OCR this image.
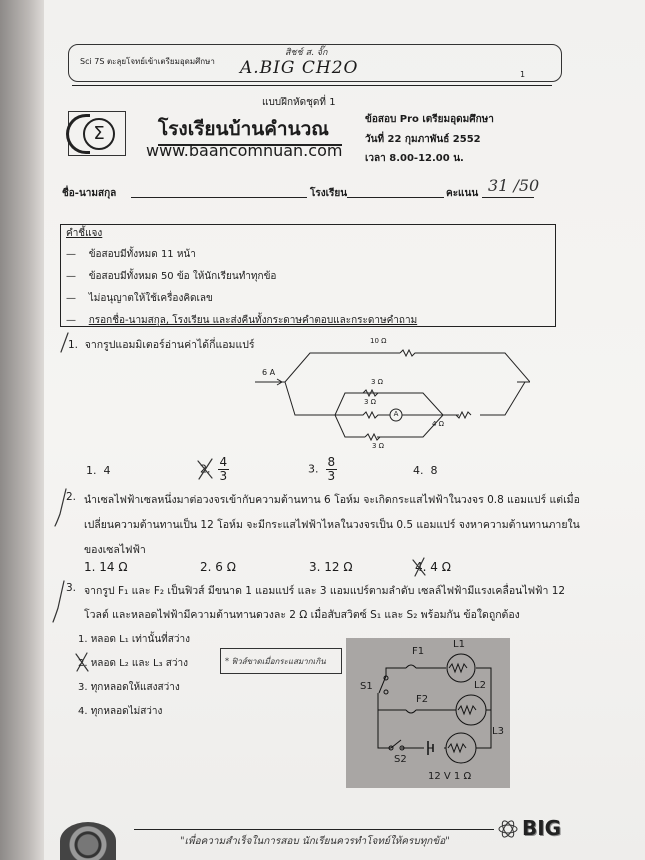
Sci 7S ตะลุยโจทย์เข้าเตรียมอุดมศึกษา
สิชช์ ส. จั๊ก
A.BIG CH2O	1
แบบฝึกหัดชุดที่ 1
Σ	โรงเรียนบ้านคำนวณ
www.baancomnuan.com
ข้อสอบ Pro เตรียมอุดมศึกษา
วันที่ 22 กุมภาพันธ์ 2552
เวลา 8.00-12.00 น.
ชื่อ-นามสกุล	โรงเรียน	คะแนน 31 /50
คำชี้แจง
—    ข้อสอบมีทั้งหมด 11 หน้า
—    ข้อสอบมีทั้งหมด 50 ข้อ ให้นักเรียนทำทุกข้อ
—    ไม่อนุญาตให้ใช้เครื่องคิดเลข
—    กรอกชื่อ-นามสกุล, โรงเรียน และส่งคืนทั้งกระดาษคำตอบและกระดาษคำถาม
1. จากรูปแอมมิเตอร์อ่านค่าได้กี่แอมแปร์
A
6 A
10 Ω
3 Ω
3 Ω
3 Ω
4 Ω
1. 4	2. $\frac{4}{3}$	3. $\frac{8}{3}$	4. 8
2. นำเซลไฟฟ้าเซลหนึ่งมาต่อวงจรเข้ากับความต้านทาน 6 โอห์ม จะเกิดกระแสไฟฟ้าในวงจร 0.8 แอมแปร์ แต่เมื่อ
เปลี่ยนความต้านทานเป็น 12 โอห์ม จะมีกระแสไฟฟ้าไหลในวงจรเป็น 0.5 แอมแปร์ จงหาความต้านทานภายใน
ของเซลไฟฟ้า
1. 14 Ω	2. 6 Ω	3. 12 Ω	4. 4 Ω
3. จากรูป F₁ และ F₂ เป็นฟิวส์ มีขนาด 1 แอมแปร์ และ 3 แอมแปร์ตามลำดับ เซลล์ไฟฟ้ามีแรงเคลื่อนไฟฟ้า 12
โวลต์ และหลอดไฟฟ้ามีความต้านทานดวงละ 2 Ω เมื่อสับสวิตซ์ S₁ และ S₂ พร้อมกัน ข้อใดถูกต้อง
1. หลอด L₁ เท่านั้นที่สว่าง
2. หลอด L₂ และ L₃ สว่าง
3. ทุกหลอดให้แสงสว่าง
4. ทุกหลอดไม่สว่าง
* ฟิวส์ขาดเมื่อกระแสมากเกิน
F1
F2
L1
L2
L3
S1
S2
12 V 1 Ω
"เพื่อความสำเร็จในการสอบ นักเรียนควรทำโจทย์ให้ครบทุกข้อ"
BIG
